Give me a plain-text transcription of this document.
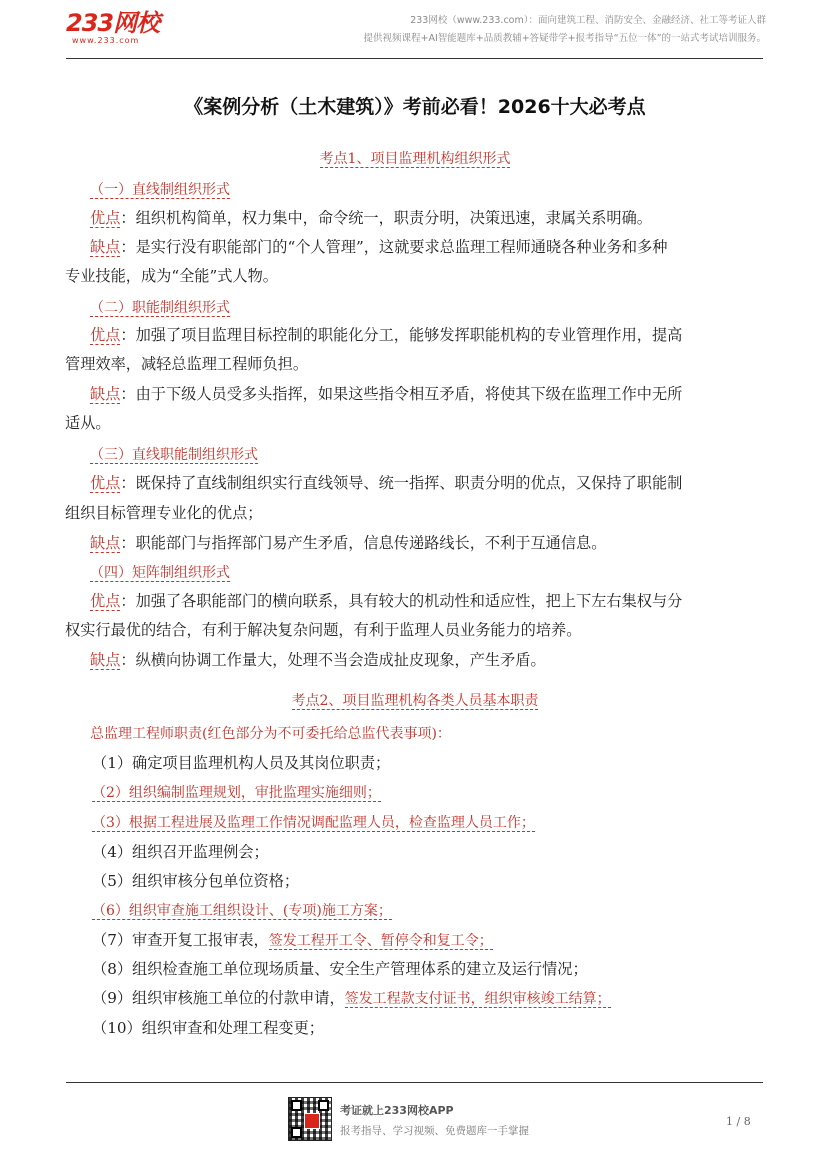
233网校
www.233.com
233网校（www.233.com）：面向建筑工程、消防安全、金融经济、社工等考证人群
提供视频课程+AI智能题库+品质教辅+答疑带学+报考指导“五位一体”的一站式考试培训服务。
《案例分析（土木建筑）》考前必看！2026十大必考点
考点1、项目监理机构组织形式
（一）直线制组织形式
优点：组织机构简单，权力集中，命令统一，职责分明，决策迅速，隶属关系明确。
缺点：是实行没有职能部门的“个人管理”，这就要求总监理工程师通晓各种业务和多种
专业技能，成为“全能”式人物。
（二）职能制组织形式
优点：加强了项目监理目标控制的职能化分工，能够发挥职能机构的专业管理作用，提高
管理效率，减轻总监理工程师负担。
缺点：由于下级人员受多头指挥，如果这些指令相互矛盾，将使其下级在监理工作中无所
适从。
（三）直线职能制组织形式
优点：既保持了直线制组织实行直线领导、统一指挥、职责分明的优点，又保持了职能制
组织目标管理专业化的优点；
缺点：职能部门与指挥部门易产生矛盾，信息传递路线长，不利于互通信息。
（四）矩阵制组织形式
优点：加强了各职能部门的横向联系，具有较大的机动性和适应性，把上下左右集权与分
权实行最优的结合，有利于解决复杂问题，有利于监理人员业务能力的培养。
缺点：纵横向协调工作量大，处理不当会造成扯皮现象，产生矛盾。
考点2、项目监理机构各类人员基本职责
总监理工程师职责(红色部分为不可委托给总监代表事项)：
（1）确定项目监理机构人员及其岗位职责；
（2）组织编制监理规划，审批监理实施细则；
（3）根据工程进展及监理工作情况调配监理人员，检查监理人员工作；
（4）组织召开监理例会；
（5）组织审核分包单位资格；
（6）组织审查施工组织设计、(专项)施工方案；
（7）审查开复工报审表，签发工程开工令、暂停令和复工令；
（8）组织检查施工单位现场质量、安全生产管理体系的建立及运行情况；
（9）组织审核施工单位的付款申请，签发工程款支付证书，组织审核竣工结算；
（10）组织审查和处理工程变更；
考证就上233网校APP
报考指导、学习视频、免费题库一手掌握
1 / 8
